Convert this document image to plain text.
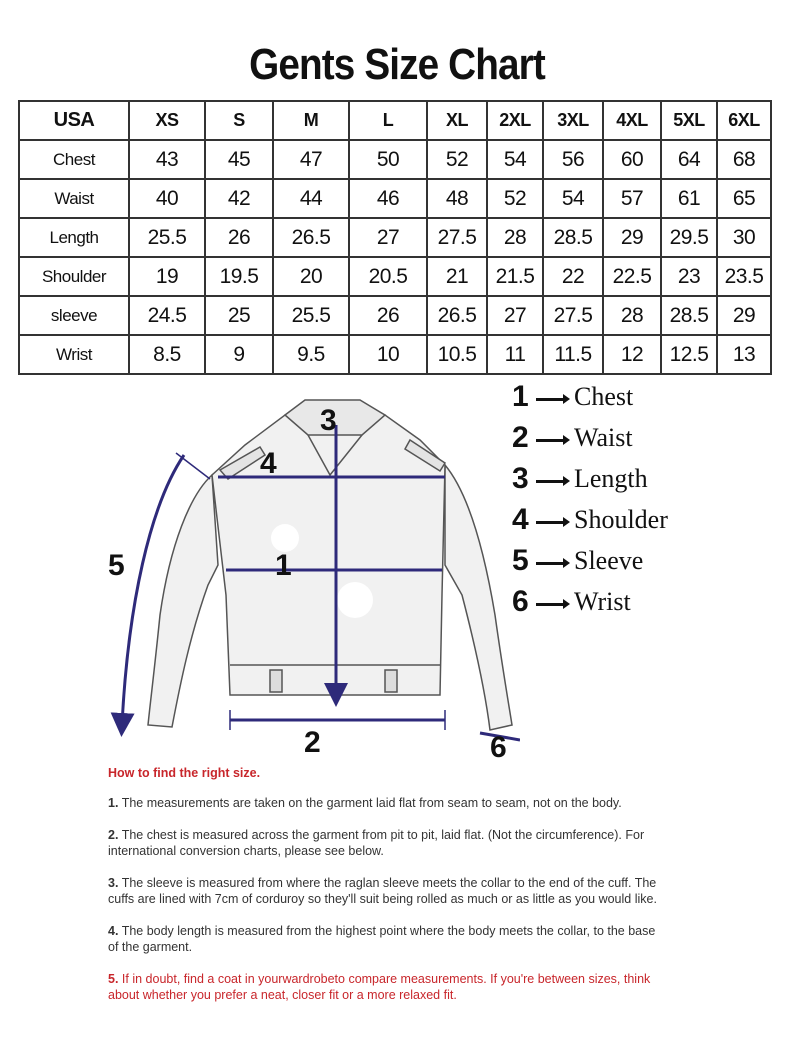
Gents Size Chart
USA	XS	S	M	L	XL	2XL	3XL	4XL	5XL	6XL
Chest	43	45	47	50	52	54	56	60	64	68
Waist	40	42	44	46	48	52	54	57	61	65
Length	25.5	26	26.5	27	27.5	28	28.5	29	29.5	30
Shoulder	19	19.5	20	20.5	21	21.5	22	22.5	23	23.5
sleeve	24.5	25	25.5	26	26.5	27	27.5	28	28.5	29
Wrist	8.5	9	9.5	10	10.5	11	11.5	12	12.5	13
1
2
3
4
5
6
1 Chest
2 Waist
3 Length
4 Shoulder
5 Sleeve
6 Wrist
How to find the right size.
1. The measurements are taken on the garment laid flat from seam to seam, not on the body.
2. The chest is measured across the garment from pit to pit, laid flat. (Not the circumference). For international conversion charts, please see below.
3. The sleeve is measured from where the raglan sleeve meets the collar to the end of the cuff. The cuffs are lined with 7cm of corduroy so they'll suit being rolled as much or as little as you would like.
4. The body length is measured from the highest point where the body meets the collar, to the base of the garment.
5. If in doubt, find a coat in yourwardrobeto compare measurements. If you're between sizes, think about whether you prefer a neat, closer fit or a more relaxed fit.
